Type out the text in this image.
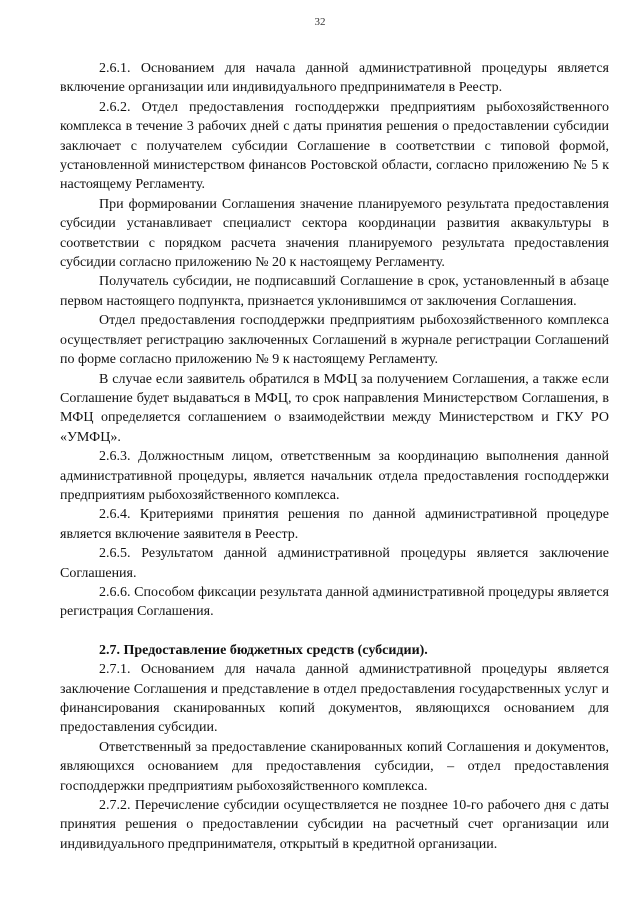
32

2.6.1. Основанием для начала данной административной процедуры является включение организации или индивидуального предпринимателя в Реестр.

2.6.2. Отдел предоставления господдержки предприятиям рыбохозяйственного комплекса в течение 3 рабочих дней с даты принятия решения о предоставлении субсидии заключает с получателем субсидии Соглашение в соответствии с типовой формой, установленной министерством финансов Ростовской области, согласно приложению № 5 к настоящему Регламенту.

При формировании Соглашения значение планируемого результата предоставления субсидии устанавливает специалист сектора координации развития аквакультуры в соответствии с порядком расчета значения планируемого результата предоставления субсидии согласно приложению № 20 к настоящему Регламенту.

Получатель субсидии, не подписавший Соглашение в срок, установленный в абзаце первом настоящего подпункта, признается уклонившимся от заключения Соглашения.

Отдел предоставления господдержки предприятиям рыбохозяйственного комплекса осуществляет регистрацию заключенных Соглашений в журнале регистрации Соглашений по форме согласно приложению № 9 к настоящему Регламенту.

В случае если заявитель обратился в МФЦ за получением Соглашения, а также если Соглашение будет выдаваться в МФЦ, то срок направления Министерством Соглашения, в МФЦ определяется соглашением о взаимодействии между Министерством и ГКУ РО «УМФЦ».

2.6.3. Должностным лицом, ответственным за координацию выполнения данной административной процедуры, является начальник отдела предоставления господдержки предприятиям рыбохозяйственного комплекса.

2.6.4. Критериями принятия решения по данной административной процедуре является включение заявителя в Реестр.

2.6.5. Результатом данной административной процедуры является заключение Соглашения.

2.6.6. Способом фиксации результата данной административной процедуры является регистрация Соглашения.

2.7. Предоставление бюджетных средств (субсидии).

2.7.1. Основанием для начала данной административной процедуры является заключение Соглашения и представление в отдел предоставления государственных услуг и финансирования сканированных копий документов, являющихся основанием для предоставления субсидии.

Ответственный за предоставление сканированных копий Соглашения и документов, являющихся основанием для предоставления субсидии, – отдел предоставления господдержки предприятиям рыбохозяйственного комплекса.

2.7.2. Перечисление субсидии осуществляется не позднее 10-го рабочего дня с даты принятия решения о предоставлении субсидии на расчетный счет организации или индивидуального предпринимателя, открытый в кредитной организации.
